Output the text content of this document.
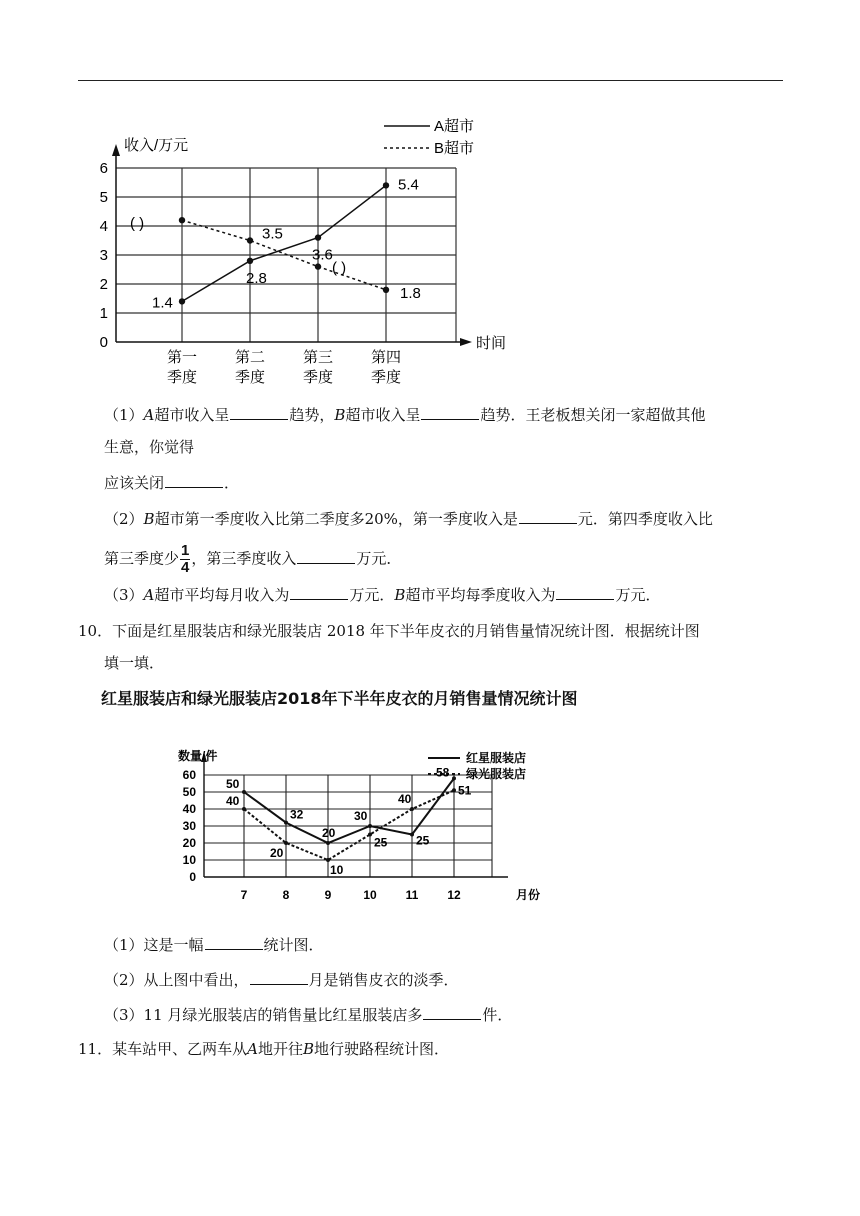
0
1
2
3
4
5
6
收入/万元
时间
第一
季度
第二
季度
第三
季度
第四
季度
A超市
B超市
1.4
2.8
3.6
5.4
( )
3.5
( )
1.8
（1）A超市收入呈	趋势，B超市收入呈	趋势．王老板想关闭一家超做其他
生意，你觉得
应该关闭	．
（2）B超市第一季度收入比第二季度多20%，第一季度收入是	元．第四季度收入比
第三季度少 $\frac{1}{4}$ ，第三季度收入	万元．
（3）A超市平均每月收入为	万元．B超市平均每季度收入为	万元．
10．下面是红星服装店和绿光服装店 2018 年下半年皮衣的月销售量情况统计图．根据统计图
填一填．
红星服装店和绿光服装店2018年下半年皮衣的月销售量情况统计图
0
10
20
30
40
50
60
数量/件
月份
7	8	9	10 11 12
红星服装店
绿光服装店
50
32
20
30
25
58
40
20
10
25
40
51
（1）这是一幅	统计图．
（2）从上图中看出，	月是销售皮衣的淡季．
（3）11 月绿光服装店的销售量比红星服装店多	件．
11．某车站甲、乙两车从A地开往B地行驶路程统计图．
